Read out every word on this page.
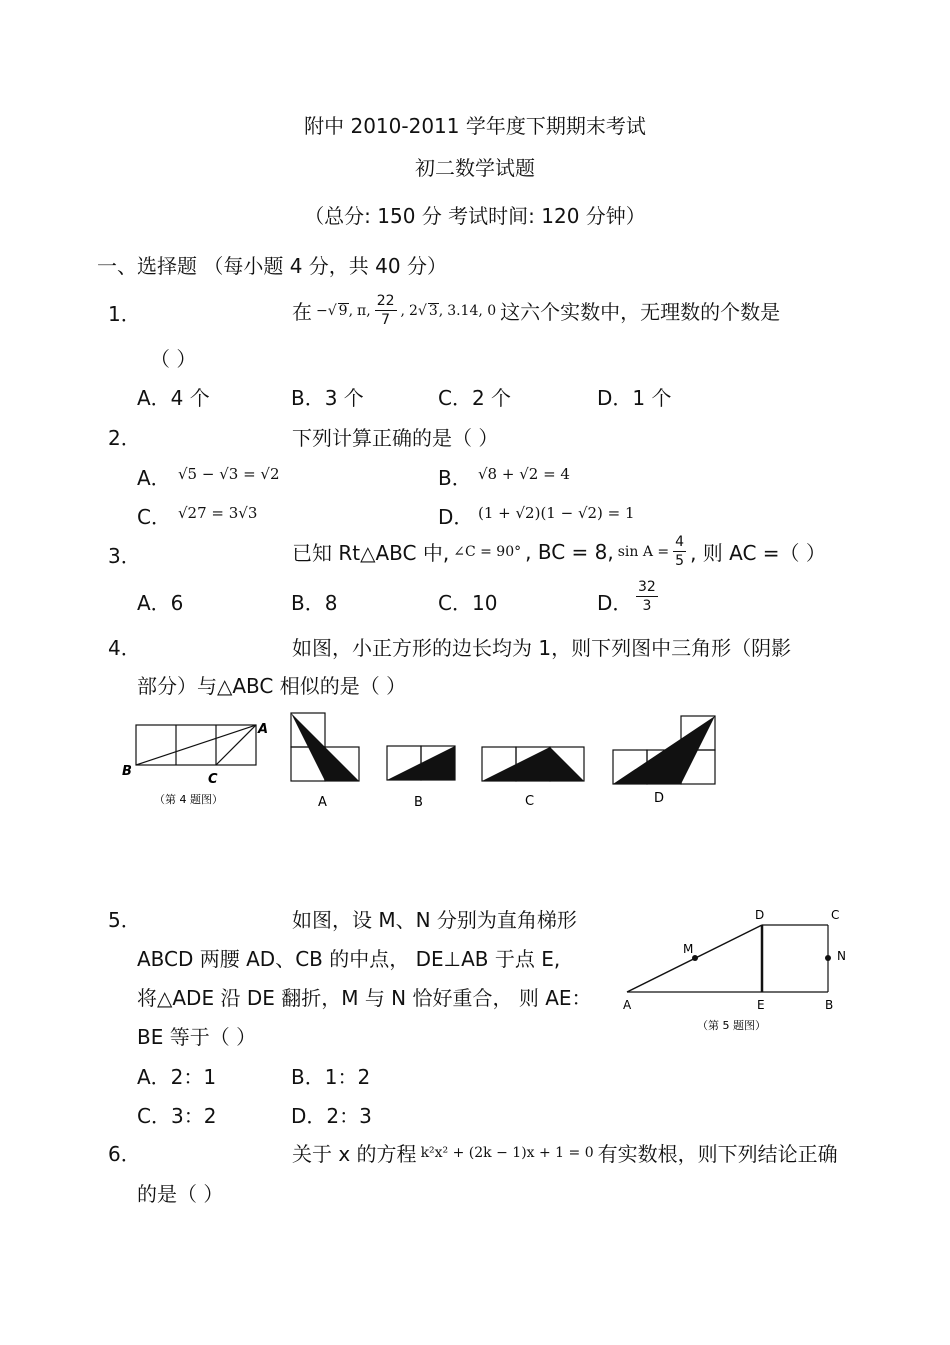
附中 2010-2011 学年度下期期末考试
初二数学试题
（总分: 150 分 考试时间: 120 分钟）
一、选择题 （每小题 4 分，共 40 分）
1．	在 −√ 9, π, $\frac{22}{7}$ , 2√ 3, 3.14, 0 这六个实数中，无理数的个数是
（ ）
A．4 个	B．3 个	C．2 个	D．1 个
2．	下列计算正确的是（ ）
A． √5 − √3 = √2	B． √8 + √2 = 4
C． √27 = 3√3	D． (1 + √2)(1 − √2) = 1
3．	已知 Rt△ABC 中, ∠C = 90° , BC = 8, $\sin A = \frac{4}{5}$ , 则 AC =（ ）
A．6	B．8	C．10	D． $\frac{32}{3}$
4．	如图，小正方形的边长均为 1，则下列图中三角形（阴影
部分）与△ABC 相似的是（ ）
A
B
C
（第 4 题图）	A	B	C	D
5．	如图，设 M、N 分别为直角梯形
ABCD 两腰 AD、CB 的中点， DE⊥AB 于点 E,
将△ADE 沿 DE 翻折，M 与 N 恰好重合， 则 AE：
BE 等于（ ）
A．2：1	B．1：2
C．3：2	D．2：3
D	C
M	N
A	E	B
（第 5 题图）
6．	关于 x 的方程 k²x² + (2k − 1)x + 1 = 0 有实数根，则下列结论正确
的是（ ）
